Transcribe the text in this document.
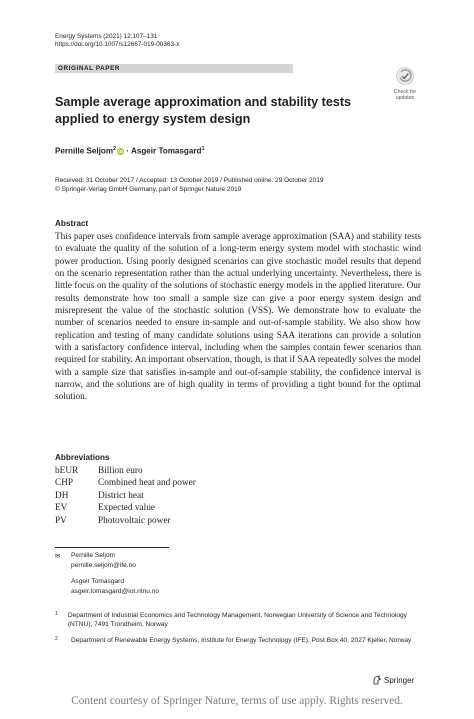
Energy Systems (2021) 12:107–131
https://doi.org/10.1007/s12667-019-00363-x
ORIGINAL PAPER
Check for
updates
Sample average approximation and stability tests applied to energy system design
Pernille Seljom$^2$ iD · Asgeir Tomasgard$^1$
Received: 31 October 2017 / Accepted: 13 October 2019 / Published online: 29 October 2019
© Springer-Verlag GmbH Germany, part of Springer Nature 2019
Abstract

This paper uses confidence intervals from sample average approximation (SAA) and stability tests to evaluate the quality of the solution of a long-term energy system model with stochastic wind power production. Using poorly designed scenarios can give stochastic model results that depend on the scenario representation rather than the actual underlying uncertainty. Nevertheless, there is little focus on the quality of the solutions of stochastic energy models in the applied literature. Our results demonstrate how too small a sample size can give a poor energy system design and misrepresent the value of the stochastic solution (VSS). We demonstrate how to evaluate the number of scenarios needed to ensure in-sample and out-of-sample stability. We also show how replication and testing of many candidate solutions using SAA iterations can provide a solution with a satisfactory confidence interval, including when the samples contain fewer scenarios than required for stability. An important observation, though, is that if SAA repeatedly solves the model with a sample size that satisfies in-sample and out-of-sample stability, the confidence interval is narrow, and the solutions are of high quality in terms of providing a tight bound for the optimal solution.

Abbreviations
bEUR	Billion euro
CHP	Combined heat and power
DH	District heat
EV	Expected value
PV	Photovoltaic power
✉	Pernille Seljom
pernille.seljom@ife.no
Asgeir Tomasgard
asgeir.tomasgard@iot.ntnu.no
1	Department of Industrial Economics and Technology Management, Norwegian University of Science and Technology (NTNU), 7491 Trondheim, Norway
2	Department of Renewable Energy Systems, Institute for Energy Technology (IFE), Post Box 40, 2027 Kjeller, Norway
Springer
Content courtesy of Springer Nature, terms of use apply. Rights reserved.
